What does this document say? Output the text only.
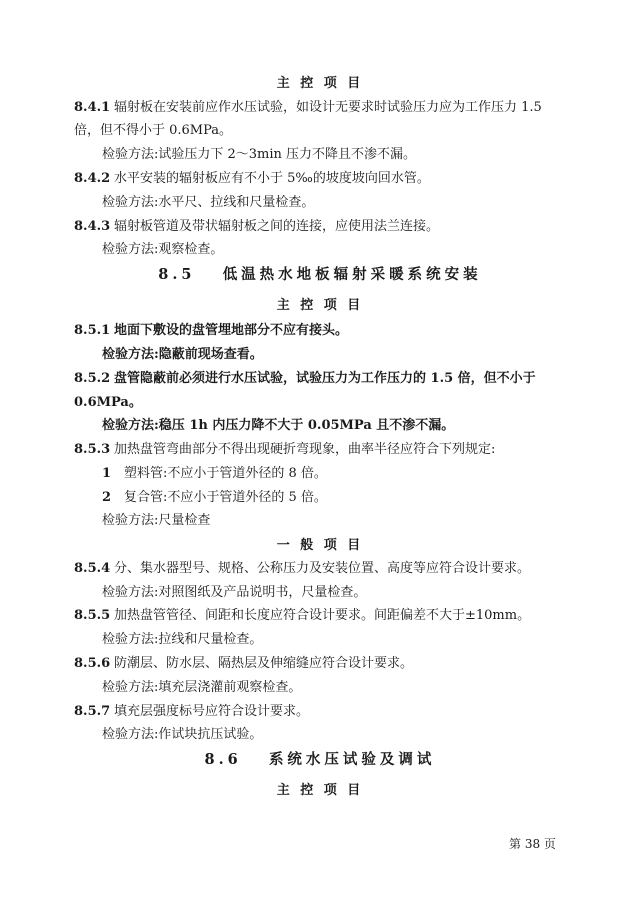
主 控 项 目
8.4.1 辐射板在安装前应作水压试验，如设计无要求时试验压力应为工作压力 1.5
倍，但不得小于 0.6MPa。
检验方法:试验压力下 2～3min 压力不降且不渗不漏。
8.4.2 水平安装的辐射板应有不小于 5‰的坡度坡向回水管。
检验方法:水平尺、拉线和尺量检查。
8.4.3 辐射板管道及带状辐射板之间的连接，应使用法兰连接。
检验方法:观察检查。
8.5 低温热水地板辐射采暖系统安装
主 控 项 目
8.5.1 地面下敷设的盘管埋地部分不应有接头。
检验方法:隐蔽前现场查看。
8.5.2 盘管隐蔽前必须进行水压试验，试验压力为工作压力的 1.5 倍，但不小于
0.6MPa。
检验方法:稳压 1h 内压力降不大于 0.05MPa 且不渗不漏。
8.5.3 加热盘管弯曲部分不得出现硬折弯现象，曲率半径应符合下列规定:
1 塑料管:不应小于管道外径的 8 倍。
2 复合管:不应小于管道外径的 5 倍。
检验方法:尺量检查
一 般 项 目
8.5.4 分、集水器型号、规格、公称压力及安装位置、高度等应符合设计要求。
检验方法:对照图纸及产品说明书，尺量检查。
8.5.5 加热盘管管径、间距和长度应符合设计要求。间距偏差不大于±10mm。
检验方法:拉线和尺量检查。
8.5.6 防潮层、防水层、隔热层及伸缩缝应符合设计要求。
检验方法:填充层浇灌前观察检查。
8.5.7 填充层强度标号应符合设计要求。
检验方法:作试块抗压试验。
8.6 系统水压试验及调试
主 控 项 目
第 38 页
